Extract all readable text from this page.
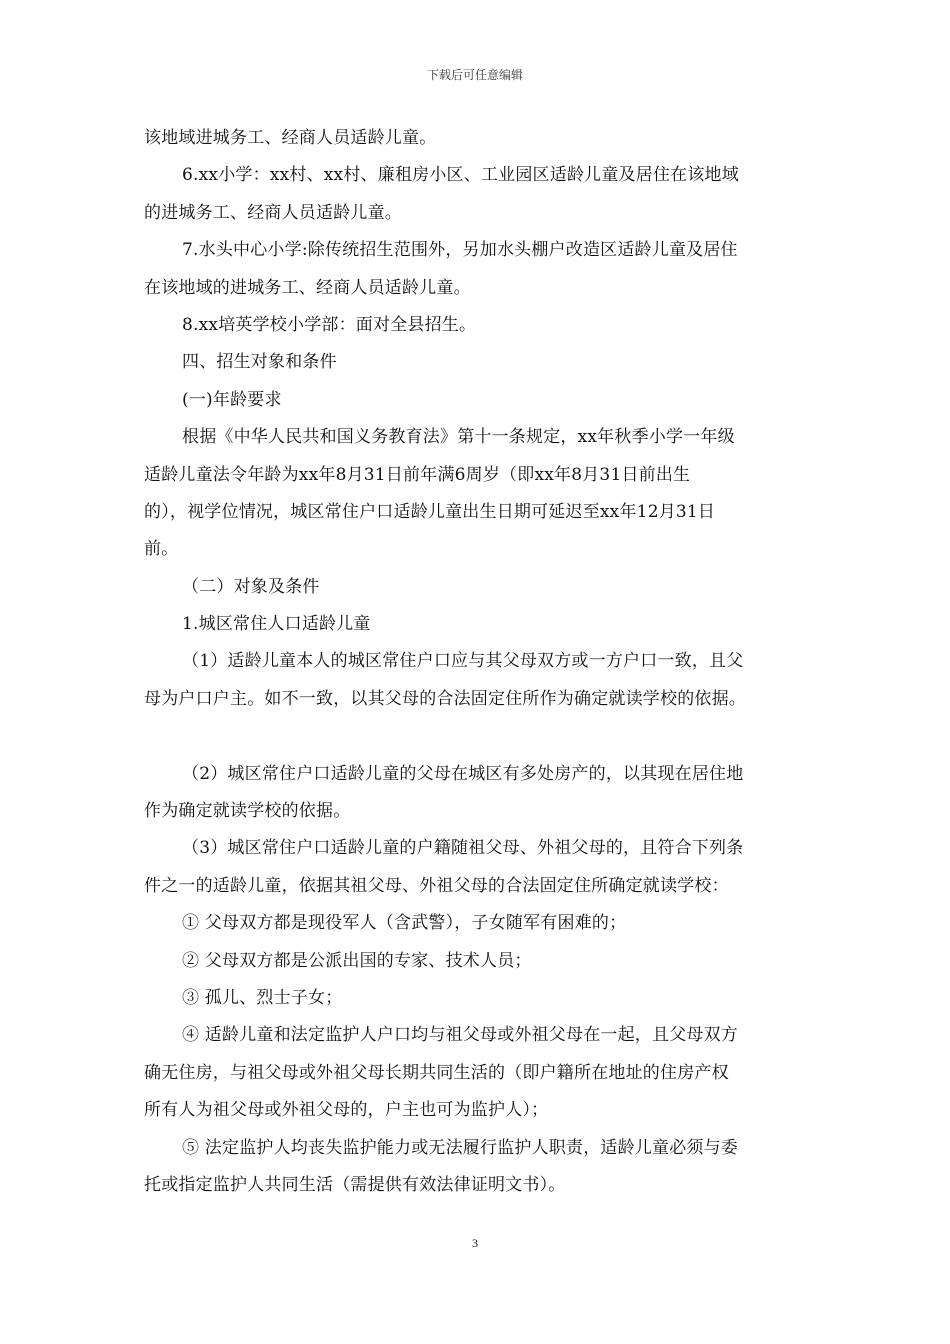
下载后可任意编辑
该地域进城务工、经商人员适龄儿童。
6.xx小学：xx村、xx村、廉租房小区、工业园区适龄儿童及居住在该地域
的进城务工、经商人员适龄儿童。
7.水头中心小学:除传统招生范围外，另加水头棚户改造区适龄儿童及居住
在该地域的进城务工、经商人员适龄儿童。
8.xx培英学校小学部：面对全县招生。
四、招生对象和条件
(一)年龄要求
根据《中华人民共和国义务教育法》第十一条规定，xx年秋季小学一年级
适龄儿童法令年龄为xx年8月31日前年满6周岁（即xx年8月31日前出生
的），视学位情况，城区常住户口适龄儿童出生日期可延迟至xx年12月31日
前。
（二）对象及条件
1.城区常住人口适龄儿童
（1）适龄儿童本人的城区常住户口应与其父母双方或一方户口一致，且父
母为户口户主。如不一致，以其父母的合法固定住所作为确定就读学校的依据。
（2）城区常住户口适龄儿童的父母在城区有多处房产的，以其现在居住地
作为确定就读学校的依据。
（3）城区常住户口适龄儿童的户籍随祖父母、外祖父母的，且符合下列条
件之一的适龄儿童，依据其祖父母、外祖父母的合法固定住所确定就读学校：
① 父母双方都是现役军人（含武警），子女随军有困难的；
② 父母双方都是公派出国的专家、技术人员；
③ 孤儿、烈士子女；
④ 适龄儿童和法定监护人户口均与祖父母或外祖父母在一起，且父母双方
确无住房，与祖父母或外祖父母长期共同生活的（即户籍所在地址的住房产权
所有人为祖父母或外祖父母的，户主也可为监护人）；
⑤ 法定监护人均丧失监护能力或无法履行监护人职责，适龄儿童必须与委
托或指定监护人共同生活（需提供有效法律证明文书）。
3
